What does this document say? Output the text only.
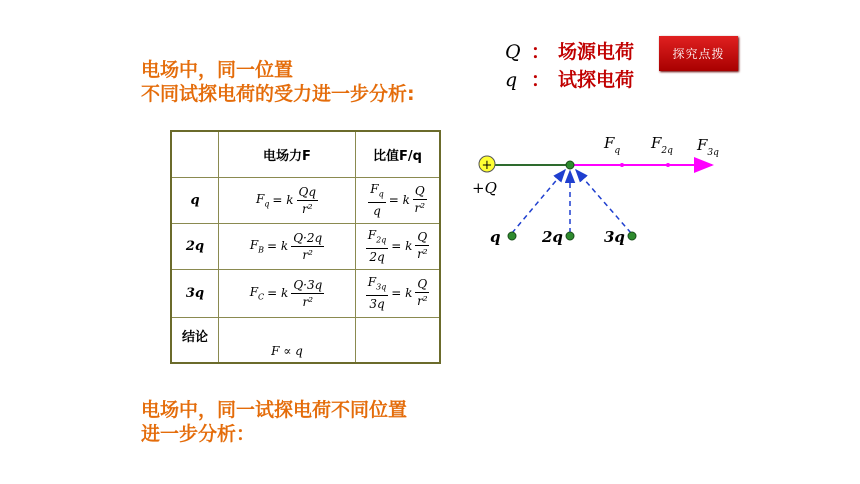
电场中，同一位置
不同试探电荷的受力进一步分析:
Q ： 场源电荷
q ： 试探电荷
探究点拨
	电场力F	比值F/q
q	$F_q = k \frac{Qq}{\text{r²}}$	$\frac{F_q}{q} = k \frac{Q}{\text{r²}}$

2q	$F_B = k \frac{Q\cdot 2q}{\text{r²}}$	$\frac{F_{2q}}{2q} = k \frac{Q}{\text{r²}}$

3q	$F_C = k \frac{Q\cdot 3q}{\text{r²}}$	$\frac{F_{3q}}{3q} = k \frac{Q}{\text{r²}}$

结论	F ∝ q	
+
+Q
q	2q	3q
$F_q$ $F_{2q}$ $F_{3q}$
电场中，同一试探电荷不同位置
进一步分析：
